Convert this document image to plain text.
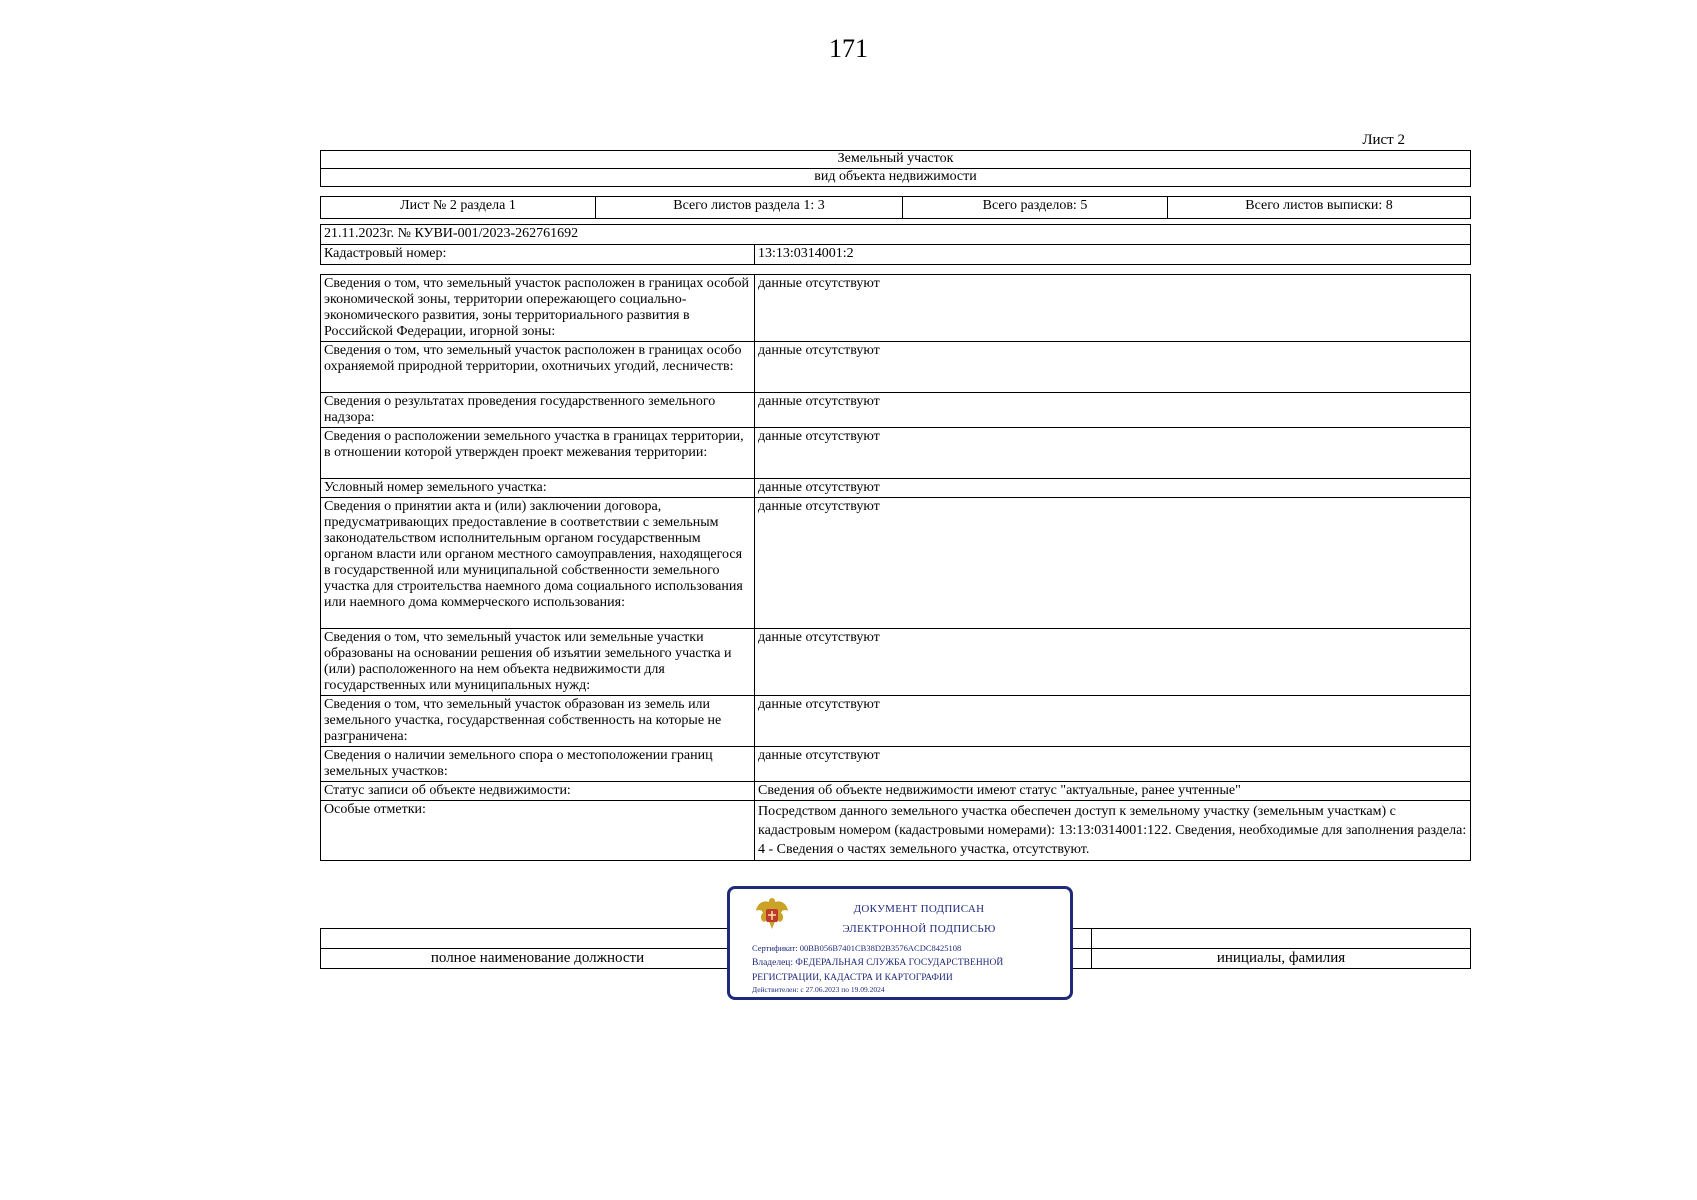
171
Лист 2
Земельный участок
вид объекта недвижимости
Лист № 2 раздела 1	Всего листов раздела 1: 3	Всего разделов: 5	Всего листов выписки: 8
21.11.2023г. № КУВИ-001/2023-262761692
Кадастровый номер:	13:13:0314001:2
Сведения о том, что земельный участок расположен в границах особой экономической зоны, территории опережающего социально-экономического развития, зоны территориального развития в Российской Федерации, игорной зоны:	данные отсутствуют
Сведения о том, что земельный участок расположен в границах особо охраняемой природной территории, охотничьих угодий, лесничеств:	данные отсутствуют
Сведения о результатах проведения государственного земельного надзора:	данные отсутствуют
Сведения о расположении земельного участка в границах территории, в отношении которой утвержден проект межевания территории:	данные отсутствуют
Условный номер земельного участка:	данные отсутствуют
Сведения о принятии акта и (или) заключении договора, предусматривающих предоставление в соответствии с земельным законодательством исполнительным органом государственным органом власти или органом местного самоуправления, находящегося в государственной или муниципальной собственности земельного участка для строительства наемного дома социального использования или наемного дома коммерческого использования:	данные отсутствуют
Сведения о том, что земельный участок или земельные участки образованы на основании решения об изъятии земельного участка и (или) расположенного на нем объекта недвижимости для государственных или муниципальных нужд:	данные отсутствуют
Сведения о том, что земельный участок образован из земель или земельного участка, государственная собственность на которые не разграничена:	данные отсутствуют
Сведения о наличии земельного спора о местоположении границ земельных участков:	данные отсутствуют
Статус записи об объекте недвижимости:	Сведения об объекте недвижимости имеют статус "актуальные, ранее учтенные"
Особые отметки:	Посредством данного земельного участка обеспечен доступ к земельному участку (земельным участкам) с кадастровым номером (кадастровыми номерами): 13:13:0314001:122. Сведения, необходимые для заполнения раздела: 4 - Сведения о частях земельного участка, отсутствуют.

полное наименование должности		инициалы, фамилия
ДОКУМЕНТ ПОДПИСАН
ЭЛЕКТРОННОЙ ПОДПИСЬЮ
Сертификат: 00BB056B7401CB38D2B3576ACDC8425108
Владелец: ФЕДЕРАЛЬНАЯ СЛУЖБА ГОСУДАРСТВЕННОЙ
РЕГИСТРАЦИИ, КАДАСТРА И КАРТОГРАФИИ
Действителен: с 27.06.2023 по 19.09.2024
